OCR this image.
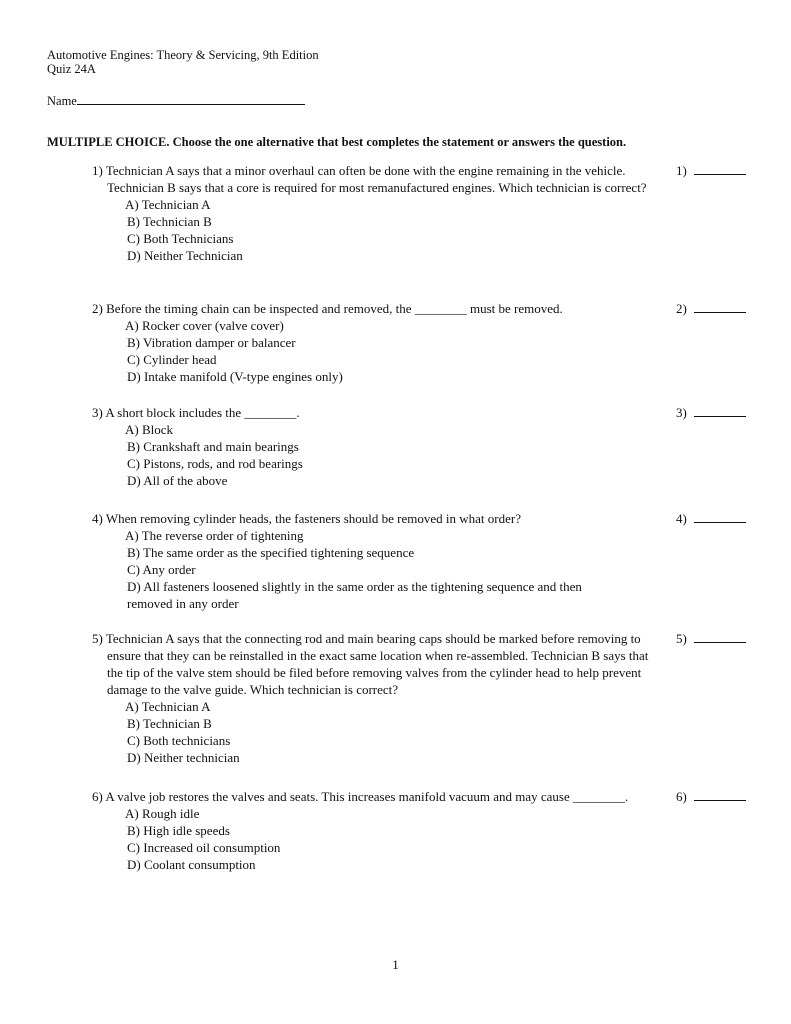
Automotive Engines: Theory & Servicing, 9th Edition
Quiz 24A
Name
MULTIPLE CHOICE. Choose the one alternative that best completes the statement or answers the question.
1) Technician A says that a minor overhaul can often be done with the engine remaining in the vehicle. Technician B says that a core is required for most remanufactured engines. Which technician is correct?
A) Technician A
B) Technician B
C) Both Technicians
D) Neither Technician
1)
2) Before the timing chain can be inspected and removed, the ________ must be removed.
A) Rocker cover (valve cover)
B) Vibration damper or balancer
C) Cylinder head
D) Intake manifold (V-type engines only)
2)
3) A short block includes the ________.
A) Block
B) Crankshaft and main bearings
C) Pistons, rods, and rod bearings
D) All of the above
3)
4) When removing cylinder heads, the fasteners should be removed in what order?
A) The reverse order of tightening
B) The same order as the specified tightening sequence
C) Any order
D) All fasteners loosened slightly in the same order as the tightening sequence and then removed in any order
4)
5) Technician A says that the connecting rod and main bearing caps should be marked before removing to ensure that they can be reinstalled in the exact same location when re-assembled. Technician B says that the tip of the valve stem should be filed before removing valves from the cylinder head to help prevent damage to the valve guide. Which technician is correct?
A) Technician A
B) Technician B
C) Both technicians
D) Neither technician
5)
6) A valve job restores the valves and seats. This increases manifold vacuum and may cause ________.
A) Rough idle
B) High idle speeds
C) Increased oil consumption
D) Coolant consumption
6)
1
